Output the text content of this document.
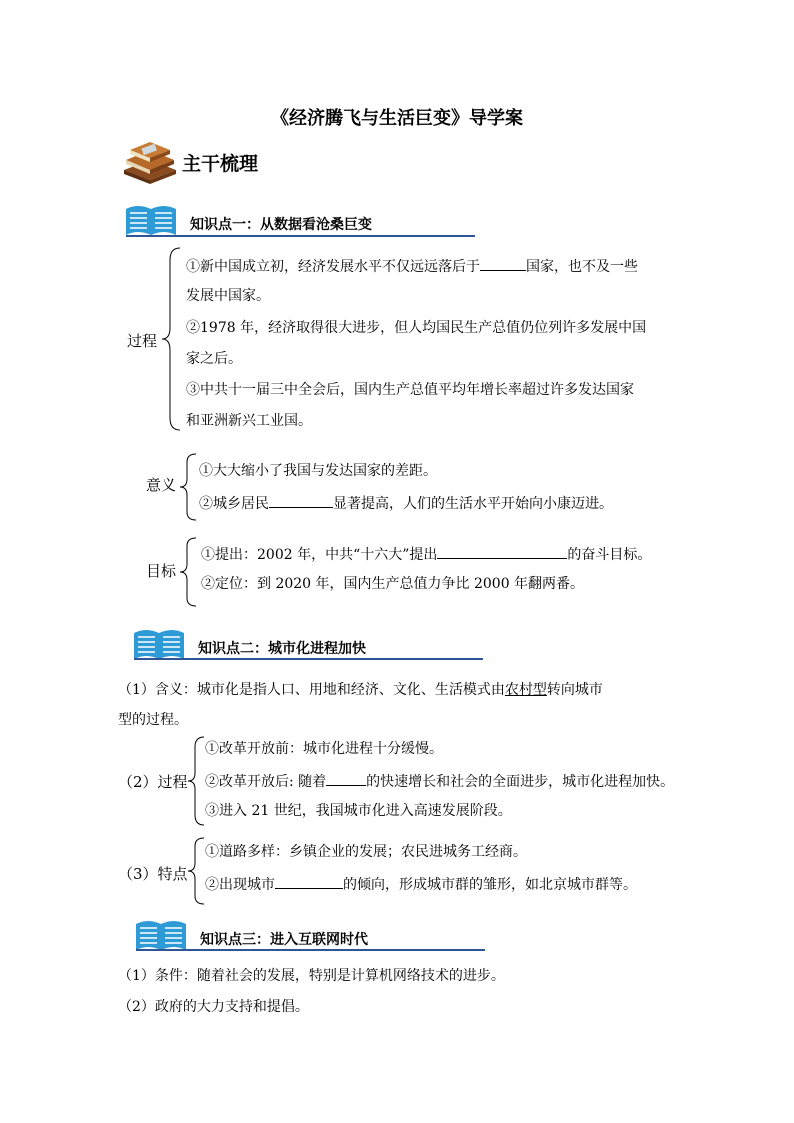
《经济腾飞与生活巨变》导学案
主干梳理
知识点一：从数据看沧桑巨变
过程
①新中国成立初，经济发展水平不仅远远落后于	国家，也不及一些
发展中国家。
②1978 年，经济取得很大进步，但人均国民生产总值仍位列许多发展中国
家之后。
③中共十一届三中全会后，国内生产总值平均年增长率超过许多发达国家
和亚洲新兴工业国。
意义
①大大缩小了我国与发达国家的差距。
②城乡居民	显著提高，人们的生活水平开始向小康迈进。
目标
①提出：2002 年，中共“十六大”提出	的奋斗目标。
②定位：到 2020 年，国内生产总值力争比 2000 年翻两番。
知识点二：城市化进程加快
（1）含义：城市化是指人口、用地和经济、文化、生活模式由农村型转向城市
型的过程。
（2）过程
①改革开放前：城市化进程十分缓慢。
②改革开放后: 随着	的快速增长和社会的全面进步，城市化进程加快。
③进入 21 世纪，我国城市化进入高速发展阶段。
（3）特点
①道路多样：乡镇企业的发展；农民进城务工经商。
②出现城市	的倾向，形成城市群的雏形，如北京城市群等。
知识点三：进入互联网时代
（1）条件：随着社会的发展，特别是计算机网络技术的进步。
（2）政府的大力支持和提倡。
